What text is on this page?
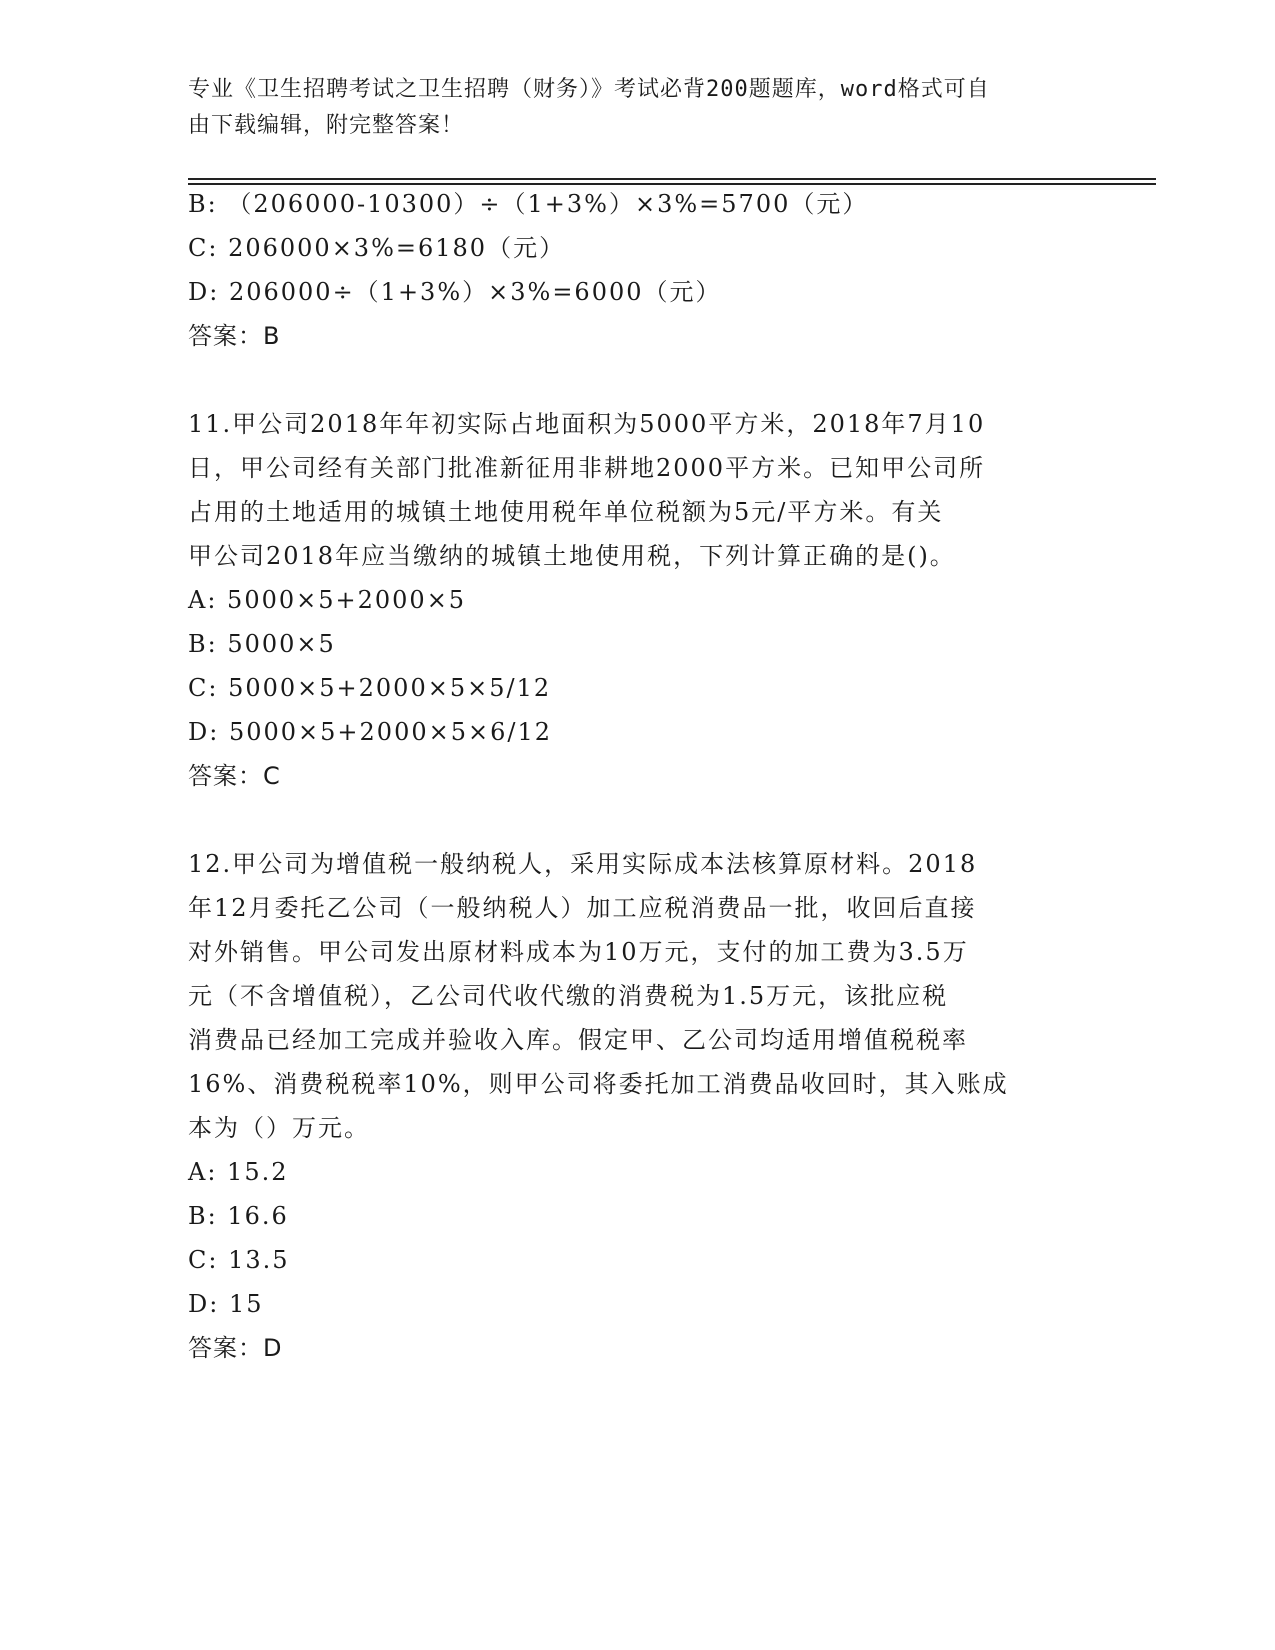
专业《卫生招聘考试之卫生招聘（财务）》考试必背200题题库，word格式可自
由下载编辑，附完整答案！
B: （206000-10300）÷（1+3%）×3%=5700（元）
C: 206000×3%=6180（元）
D: 206000÷（1+3%）×3%=6000（元）
答案：B
11.甲公司2018年年初实际占地面积为5000平方米，2018年7月10
日，甲公司经有关部门批准新征用非耕地2000平方米。已知甲公司所
占用的土地适用的城镇土地使用税年单位税额为5元/平方米。有关
甲公司2018年应当缴纳的城镇土地使用税，下列计算正确的是()。
A: 5000×5+2000×5
B: 5000×5
C: 5000×5+2000×5×5/12
D: 5000×5+2000×5×6/12
答案：C
12.甲公司为增值税一般纳税人，采用实际成本法核算原材料。2018
年12月委托乙公司（一般纳税人）加工应税消费品一批，收回后直接
对外销售。甲公司发出原材料成本为10万元，支付的加工费为3.5万
元（不含增值税），乙公司代收代缴的消费税为1.5万元，该批应税
消费品已经加工完成并验收入库。假定甲、乙公司均适用增值税税率
16%、消费税税率10%，则甲公司将委托加工消费品收回时，其入账成
本为（）万元。
A: 15.2
B: 16.6
C: 13.5
D: 15
答案：D
